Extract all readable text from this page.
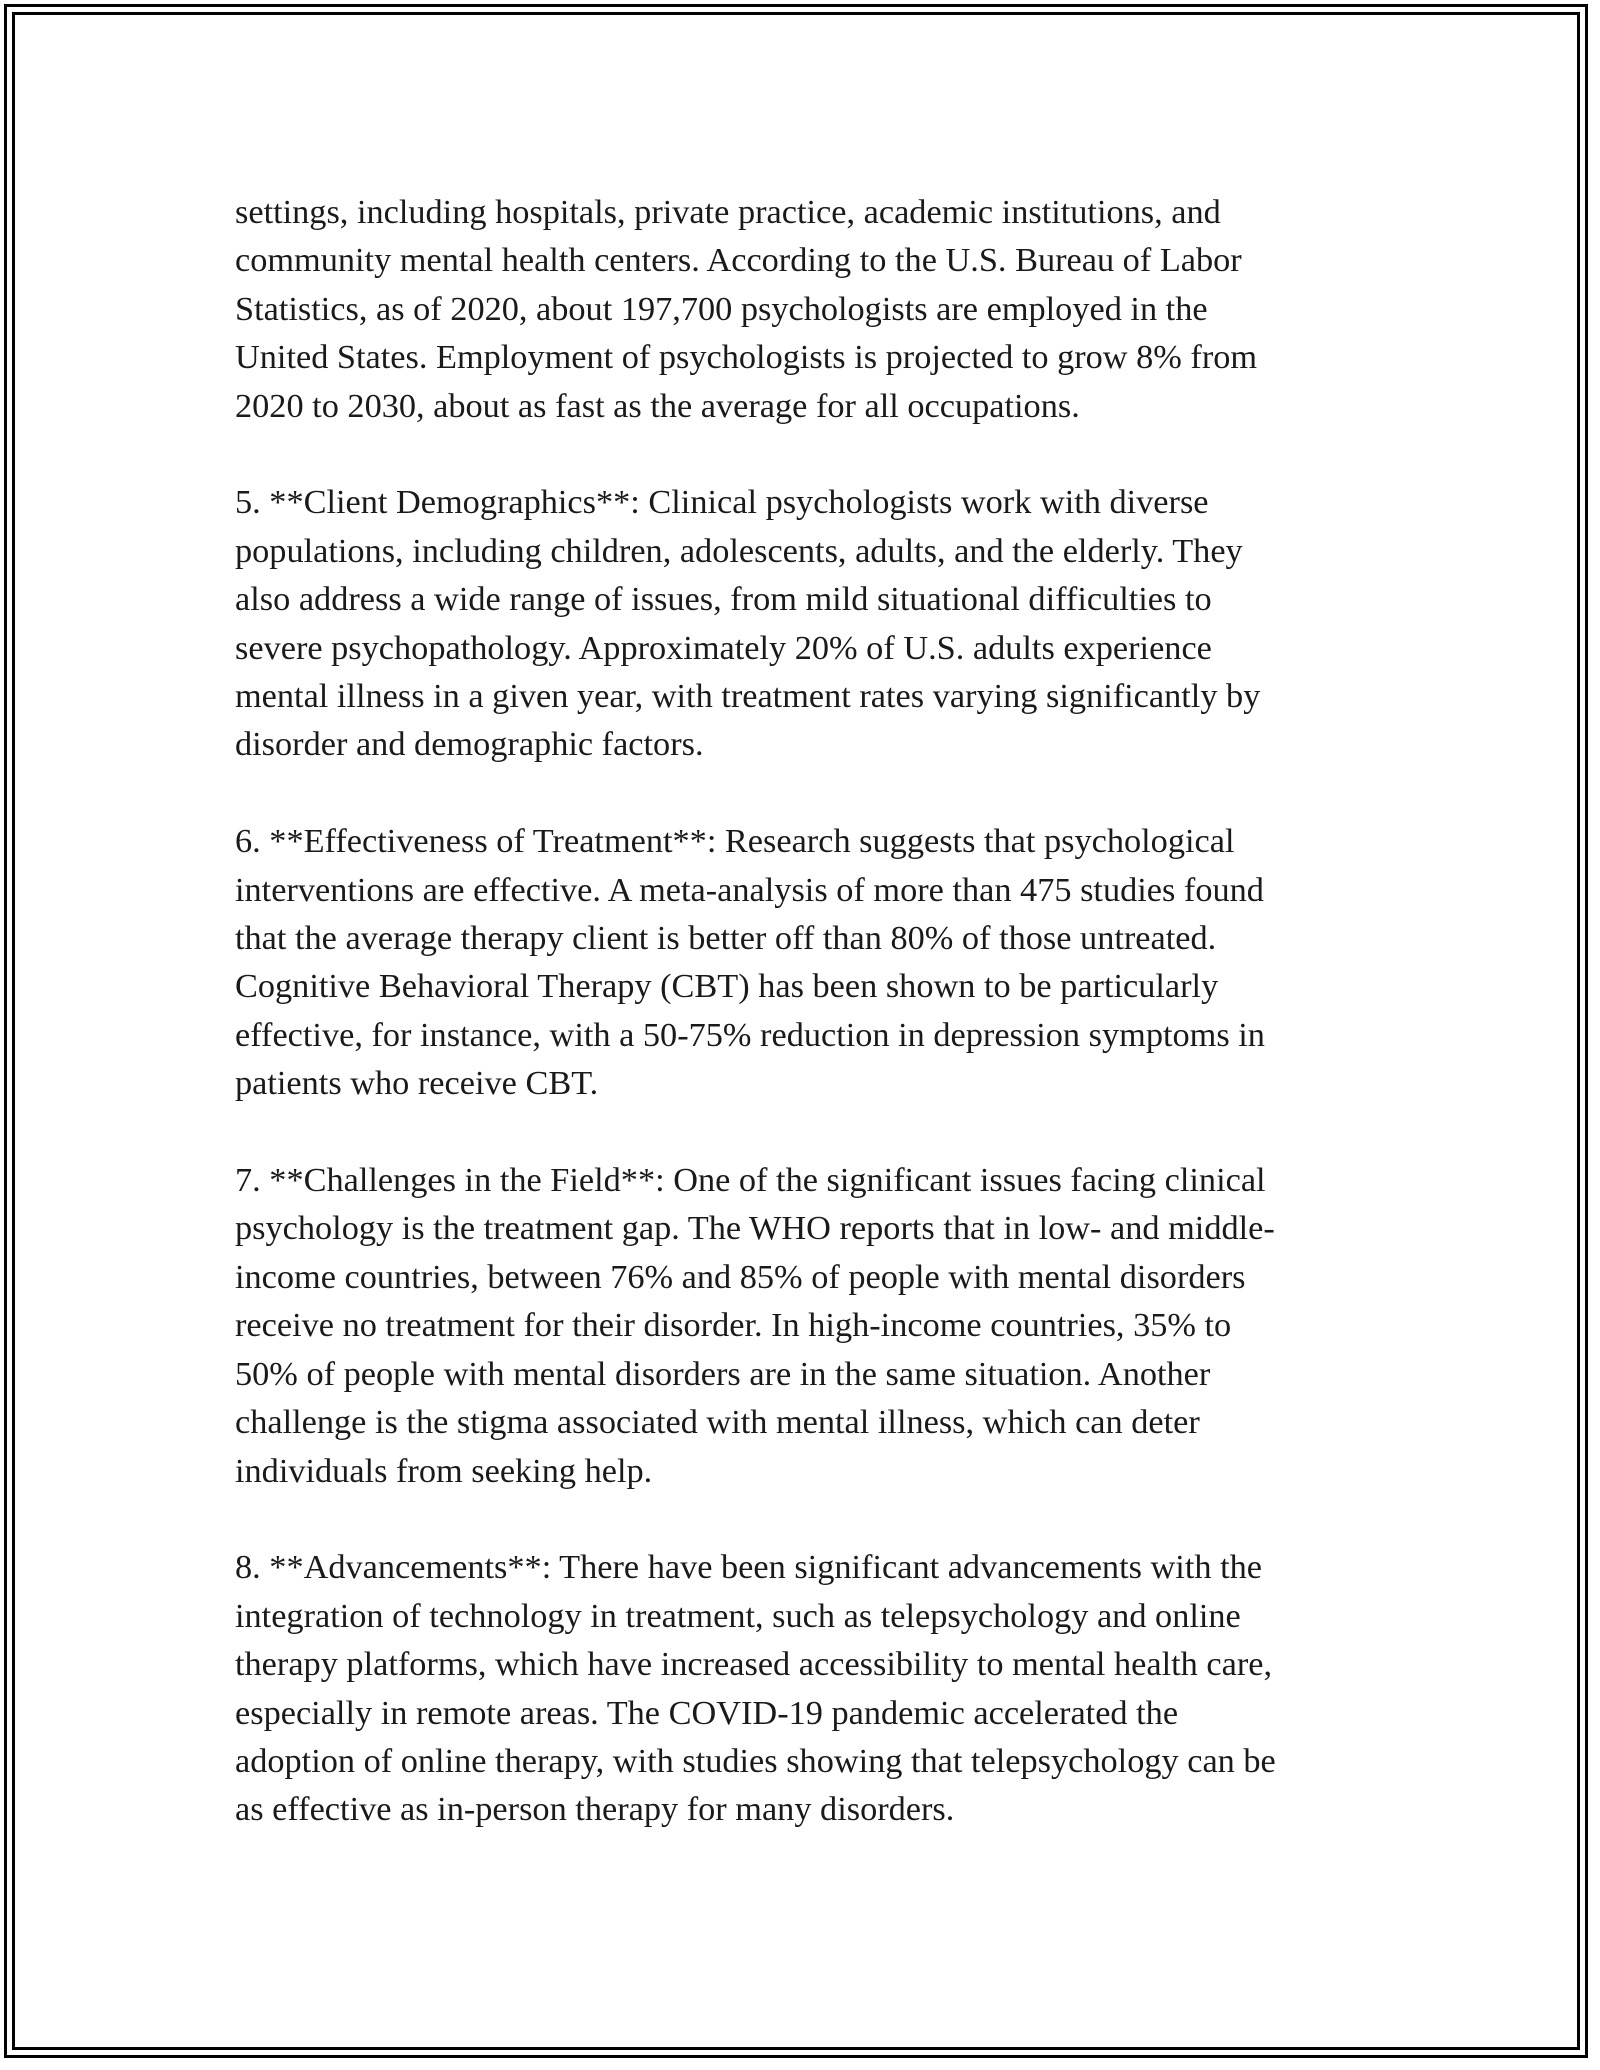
settings, including hospitals, private practice, academic institutions, and
community mental health centers. According to the U.S. Bureau of Labor
Statistics, as of 2020, about 197,700 psychologists are employed in the
United States. Employment of psychologists is projected to grow 8% from
2020 to 2030, about as fast as the average for all occupations.

5. **Client Demographics**: Clinical psychologists work with diverse
populations, including children, adolescents, adults, and the elderly. They
also address a wide range of issues, from mild situational difficulties to
severe psychopathology. Approximately 20% of U.S. adults experience
mental illness in a given year, with treatment rates varying significantly by
disorder and demographic factors.

6. **Effectiveness of Treatment**: Research suggests that psychological
interventions are effective. A meta-analysis of more than 475 studies found
that the average therapy client is better off than 80% of those untreated.
Cognitive Behavioral Therapy (CBT) has been shown to be particularly
effective, for instance, with a 50-75% reduction in depression symptoms in
patients who receive CBT.

7. **Challenges in the Field**: One of the significant issues facing clinical
psychology is the treatment gap. The WHO reports that in low- and middle-
income countries, between 76% and 85% of people with mental disorders
receive no treatment for their disorder. In high-income countries, 35% to
50% of people with mental disorders are in the same situation. Another
challenge is the stigma associated with mental illness, which can deter
individuals from seeking help.

8. **Advancements**: There have been significant advancements with the
integration of technology in treatment, such as telepsychology and online
therapy platforms, which have increased accessibility to mental health care,
especially in remote areas. The COVID-19 pandemic accelerated the
adoption of online therapy, with studies showing that telepsychology can be
as effective as in-person therapy for many disorders.
